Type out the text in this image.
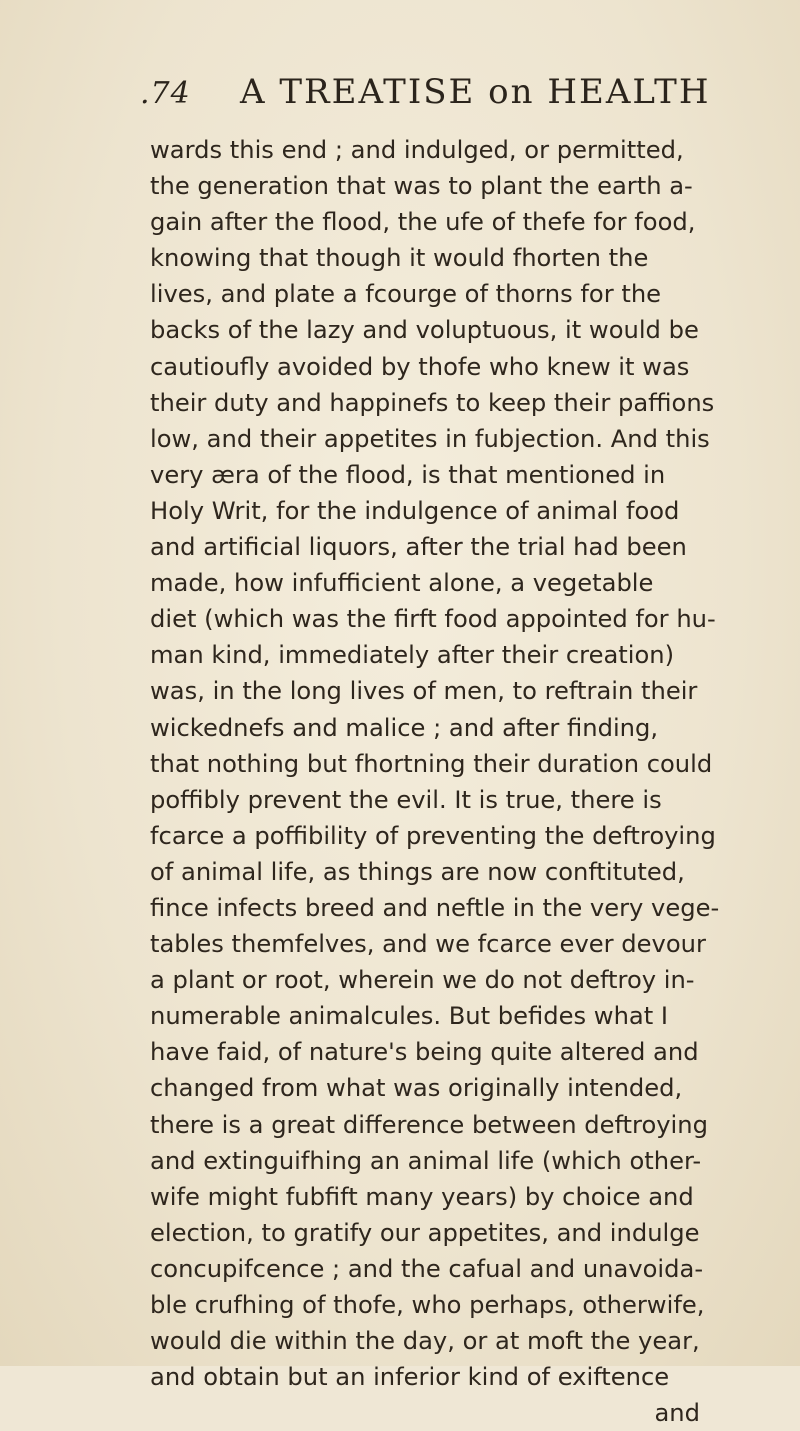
.74 A TREATISE on HEALTH
wards this end ; and indulged, or permitted,
the generation that was to plant the earth a-
gain after the flood, the ufe of thefe for food,
knowing that though it would fhorten the
lives, and plate a fcourge of thorns for the
backs of the lazy and voluptuous, it would be
cautioufly avoided by thofe who knew it was
their duty and happinefs to keep their paffions
low, and their appetites in fubjection. And this
very æra of the flood, is that mentioned in
Holy Writ, for the indulgence of animal food
and artificial liquors, after the trial had been
made, how infufficient alone, a vegetable
diet (which was the firft food appointed for hu-
man kind, immediately after their creation)
was, in the long lives of men, to reftrain their
wickednefs and malice ; and after finding,
that nothing but fhortning their duration could
poffibly prevent the evil. It is true, there is
fcarce a poffibility of preventing the deftroying
of animal life, as things are now conftituted,
fince infects breed and neftle in the very vege-
tables themfelves, and we fcarce ever devour
a plant or root, wherein we do not deftroy in-
numerable animalcules. But befides what I
have faid, of nature's being quite altered and
changed from what was originally intended,
there is a great difference between deftroying
and extinguifhing an animal life (which other-
wife might fubfift many years) by choice and
election, to gratify our appetites, and indulge
concupifcence ; and the cafual and unavoida-
ble crufhing of thofe, who perhaps, otherwife,
would die within the day, or at moft the year,
and obtain but an inferior kind of exiftence
and
